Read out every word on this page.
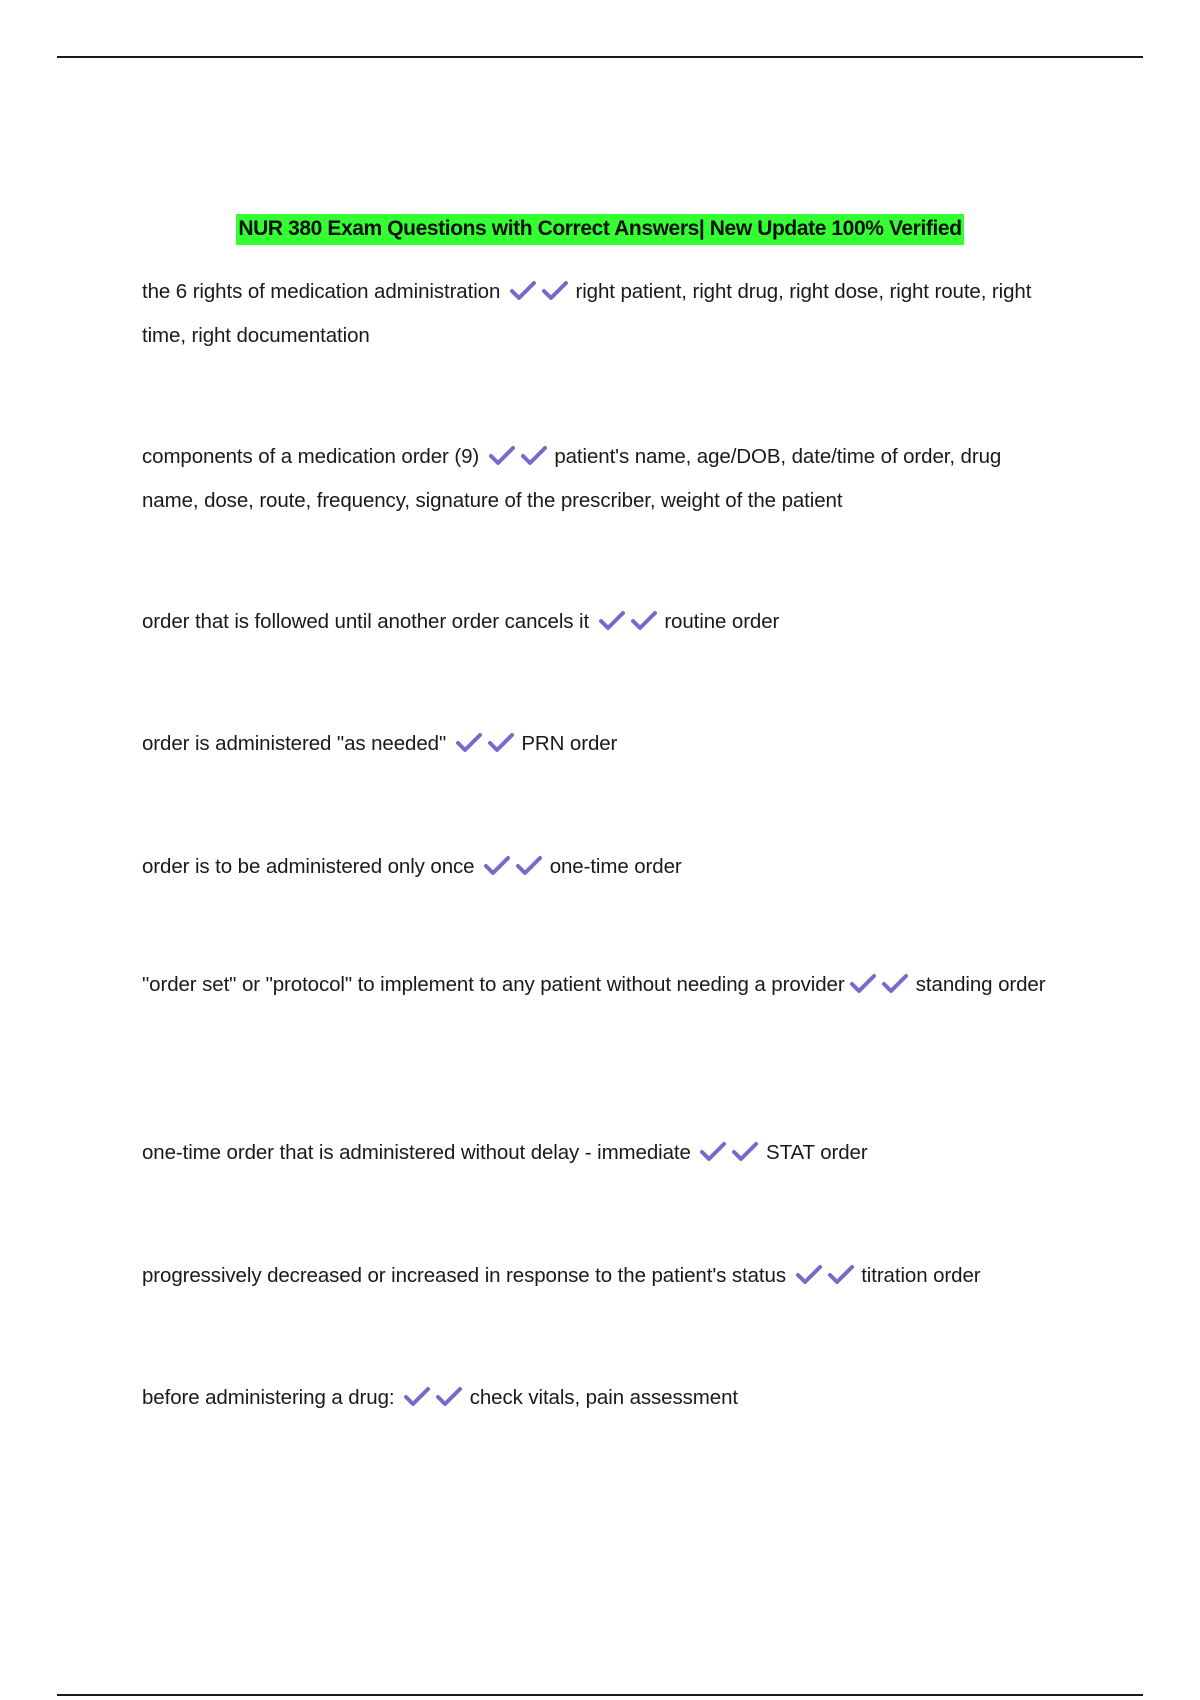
NUR 380 Exam Questions with Correct Answers| New Update 100% Verified
the 6 rights of medication administration	right patient, right drug, right dose, right route, right time, right documentation
components of a medication order (9)	patient's name, age/DOB, date/time of order, drug name, dose, route, frequency, signature of the prescriber, weight of the patient
order that is followed until another order cancels it	routine order
order is administered "as needed"	PRN order
order is to be administered only once	one-time order
"order set" or "protocol" to implement to any patient without needing a provider	standing order
one-time order that is administered without delay - immediate	STAT order
progressively decreased or increased in response to the patient's status	titration order
before administering a drug:	check vitals, pain assessment
